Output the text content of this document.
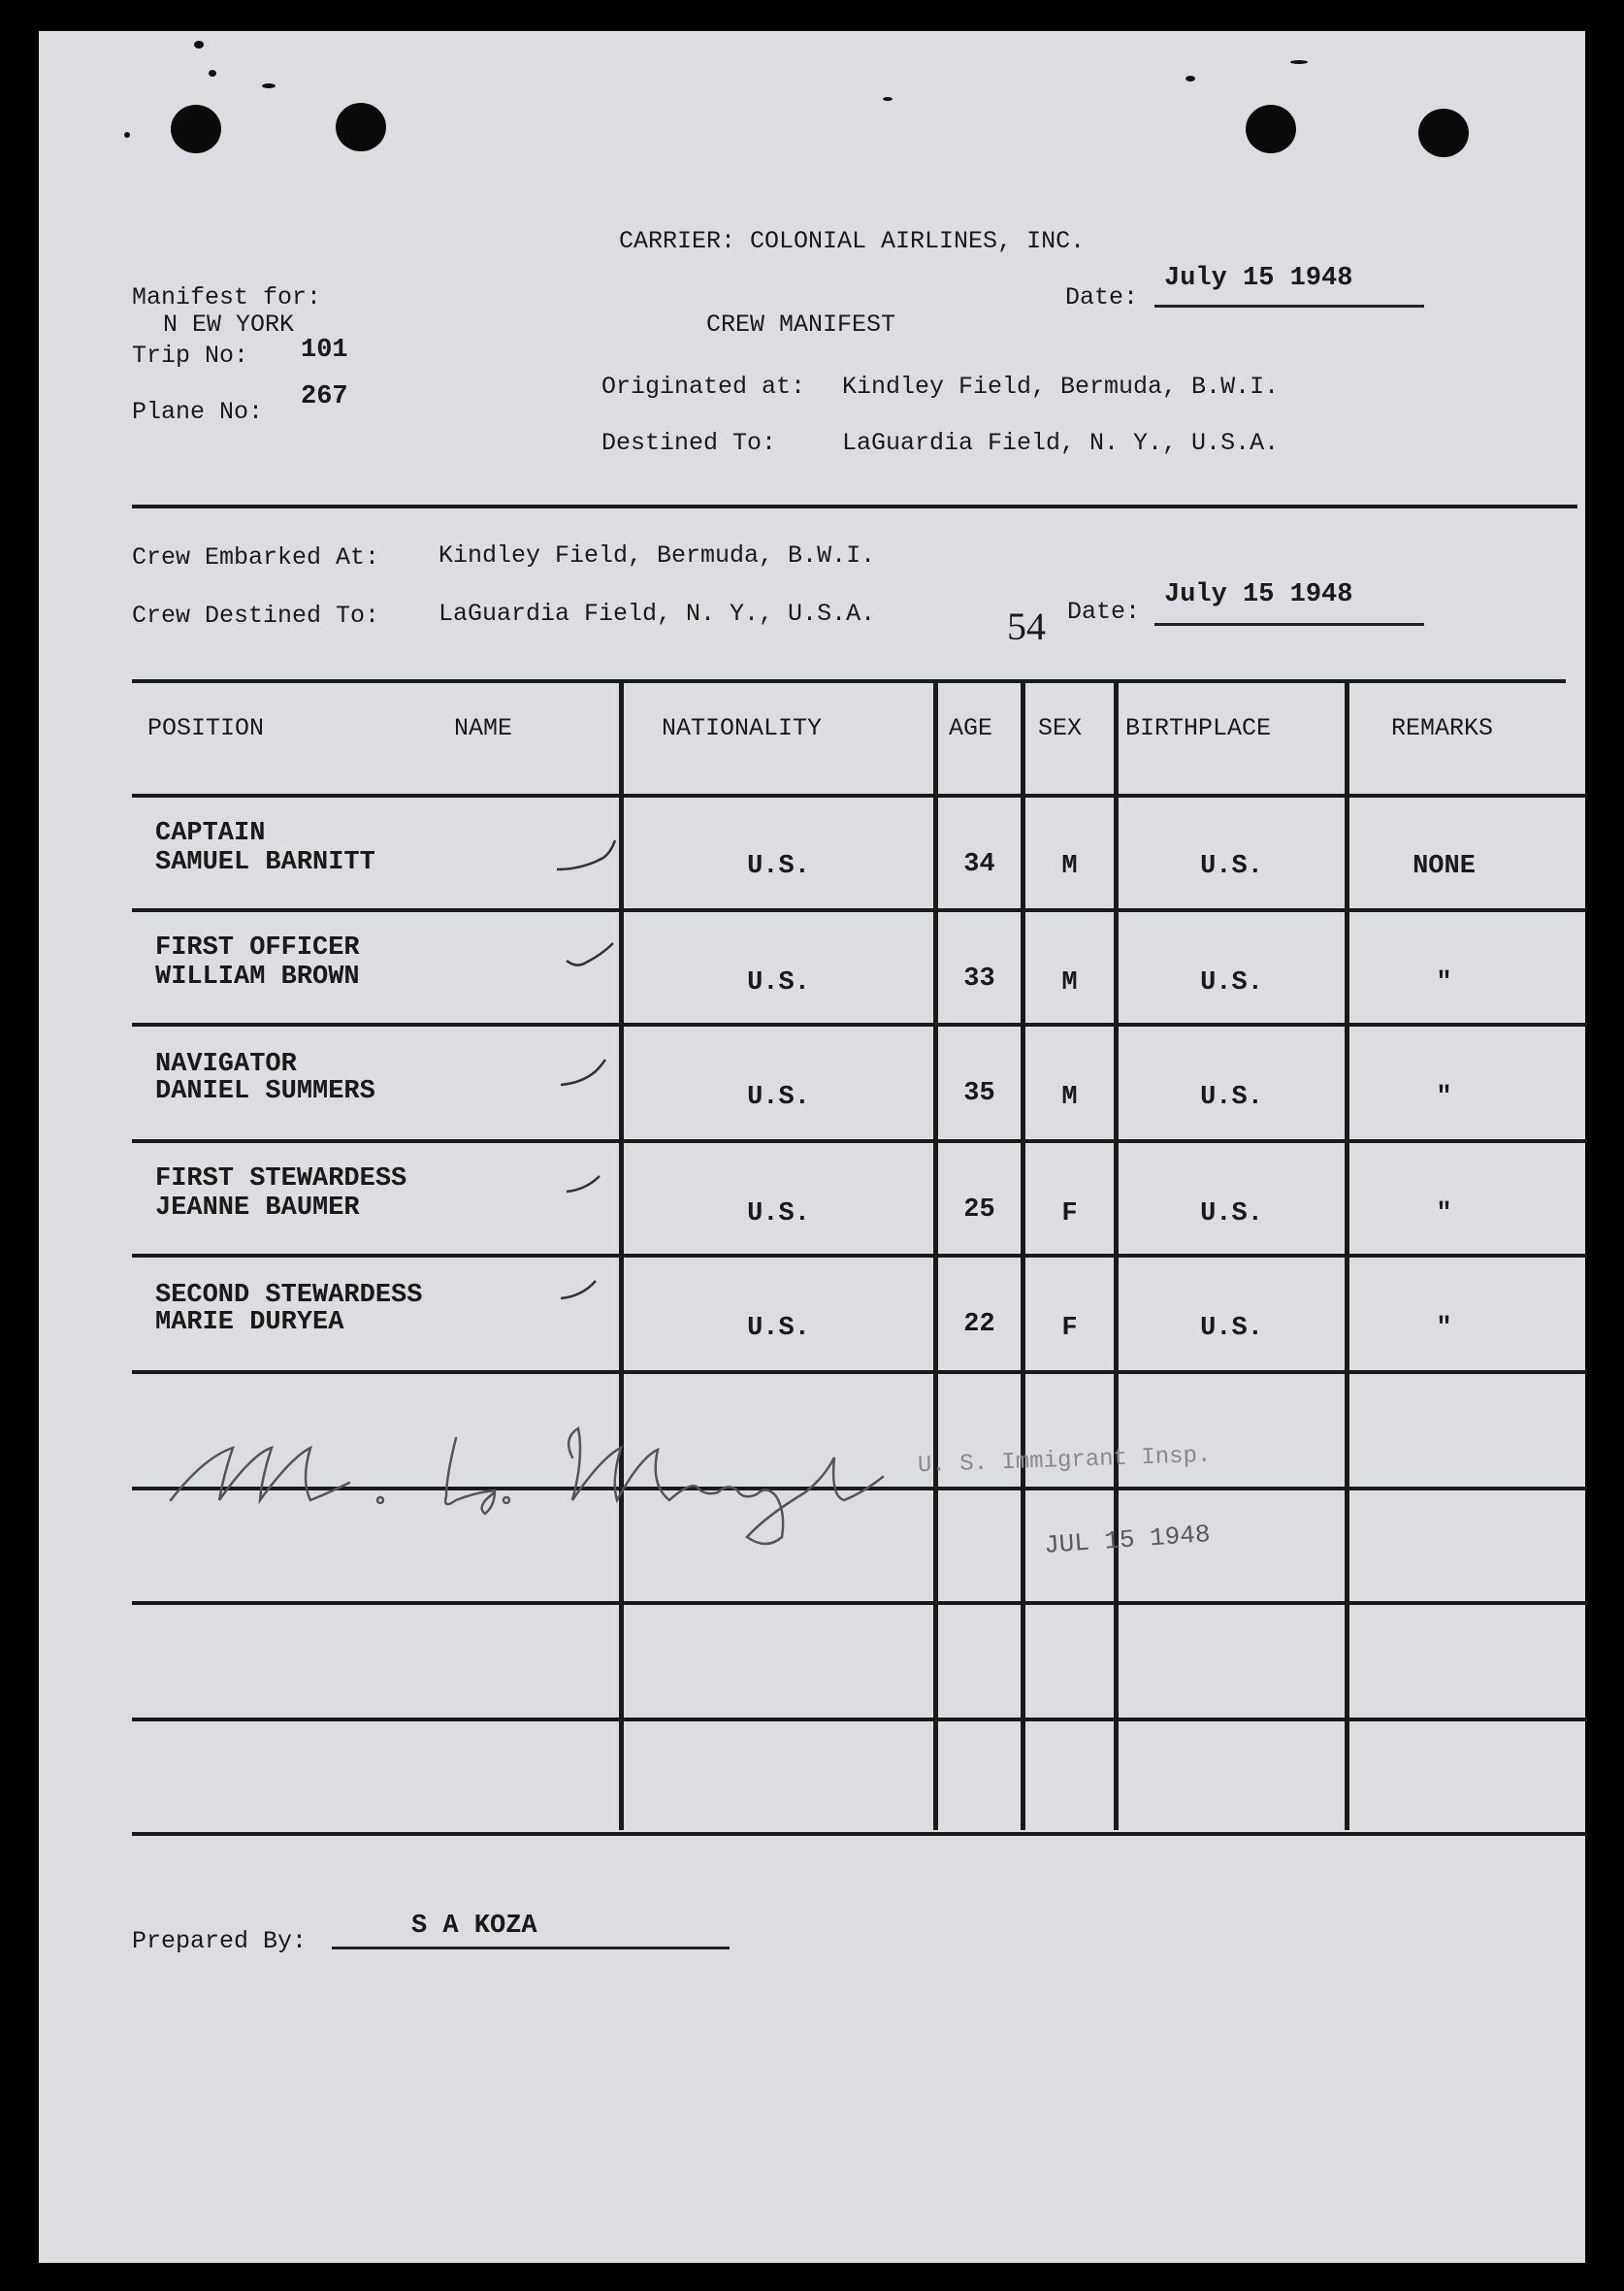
CARRIER: COLONIAL AIRLINES, INC.
Manifest for:
N EW YORK
Trip No: 101
Plane No:
267
Date:
July 15 1948
CREW MANIFEST
Originated at: Kindley Field, Bermuda, B.W.I.
Destined To:	LaGuardia Field, N. Y., U.S.A.
Crew Embarked At: Kindley Field, Bermuda, B.W.I.
Crew Destined To: LaGuardia Field, N. Y., U.S.A.	54 Date:
July 15 1948
POSITION	NAME	NATIONALITY	AGE SEX BIRTHPLACE	REMARKS
CAPTAIN
SAMUEL BARNITT	U.S.	34	M	U.S.	NONE
FIRST OFFICER
WILLIAM BROWN	U.S.	33	M	U.S.	"
NAVIGATOR
DANIEL SUMMERS	U.S.	35	M	U.S.	"
FIRST STEWARDESS
JEANNE BAUMER	U.S.	25	F	U.S.	"
SECOND STEWARDESS
MARIE DURYEA	U.S.	22	F	U.S.	"
U. S. Immigrant Insp.
JUL 15 1948
Prepared By:
S A KOZA
